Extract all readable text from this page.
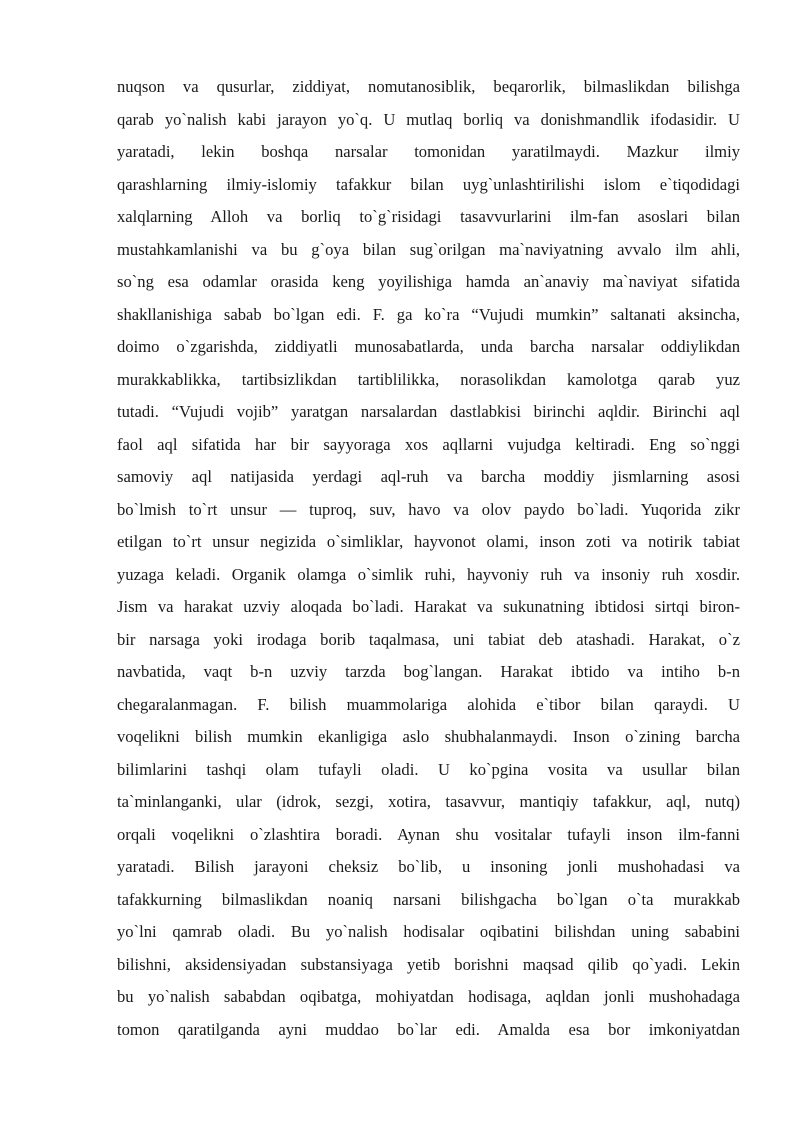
nuqson va qusurlar, ziddiyat, nomutanosiblik, beqarorlik, bilmaslikdan bilishga
qarab yo`nalish kabi jarayon yo`q. U mutlaq borliq va donishmandlik ifodasidir. U
yaratadi, lekin boshqa narsalar tomonidan yaratilmaydi. Mazkur ilmiy
qarashlarning ilmiy-islomiy tafakkur bilan uyg`unlashtirilishi islom e`tiqodidagi
xalqlarning Alloh va borliq to`g`risidagi tasavvurlarini ilm-fan asoslari bilan
mustahkamlanishi va bu g`oya bilan sug`orilgan ma`naviyatning avvalo ilm ahli,
so`ng esa odamlar orasida keng yoyilishiga hamda an`anaviy ma`naviyat sifatida
shakllanishiga sabab bo`lgan edi. F. ga ko`ra “Vujudi mumkin” saltanati aksincha,
doimo o`zgarishda, ziddiyatli munosabatlarda, unda barcha narsalar oddiylikdan
murakkablikka, tartibsizlikdan tartiblilikka, norasolikdan kamolotga qarab yuz
tutadi. “Vujudi vojib” yaratgan narsalardan dastlabkisi birinchi aqldir. Birinchi aql
faol aql sifatida har bir sayyoraga xos aqllarni vujudga keltiradi. Eng so`nggi
samoviy aql natijasida yerdagi aql-ruh va barcha moddiy jismlarning asosi
bo`lmish to`rt unsur — tuproq, suv, havo va olov paydo bo`ladi. Yuqorida zikr
etilgan to`rt unsur negizida o`simliklar, hayvonot olami, inson zoti va notirik tabiat
yuzaga keladi. Organik olamga o`simlik ruhi, hayvoniy ruh va insoniy ruh xosdir.
Jism va harakat uzviy aloqada bo`ladi. Harakat va sukunatning ibtidosi sirtqi biron-
bir narsaga yoki irodaga borib taqalmasa, uni tabiat deb atashadi. Harakat, o`z
navbatida, vaqt b-n uzviy tarzda bog`langan. Harakat ibtido va intiho b-n
chegaralanmagan. F. bilish muammolariga alohida e`tibor bilan qaraydi. U
voqelikni bilish mumkin ekanligiga aslo shubhalanmaydi. Inson o`zining barcha
bilimlarini tashqi olam tufayli oladi. U ko`pgina vosita va usullar bilan
ta`minlanganki, ular (idrok, sezgi, xotira, tasavvur, mantiqiy tafakkur, aql, nutq)
orqali voqelikni o`zlashtira boradi. Aynan shu vositalar tufayli inson ilm-fanni
yaratadi. Bilish jarayoni cheksiz bo`lib, u insoning jonli mushohadasi va
tafakkurning bilmaslikdan noaniq narsani bilishgacha bo`lgan o`ta murakkab
yo`lni qamrab oladi. Bu yo`nalish hodisalar oqibatini bilishdan uning sababini
bilishni, aksidensiyadan substansiyaga yetib borishni maqsad qilib qo`yadi. Lekin
bu yo`nalish sababdan oqibatga, mohiyatdan hodisaga, aqldan jonli mushohadaga
tomon qaratilganda ayni muddao bo`lar edi. Amalda esa bor imkoniyatdan
